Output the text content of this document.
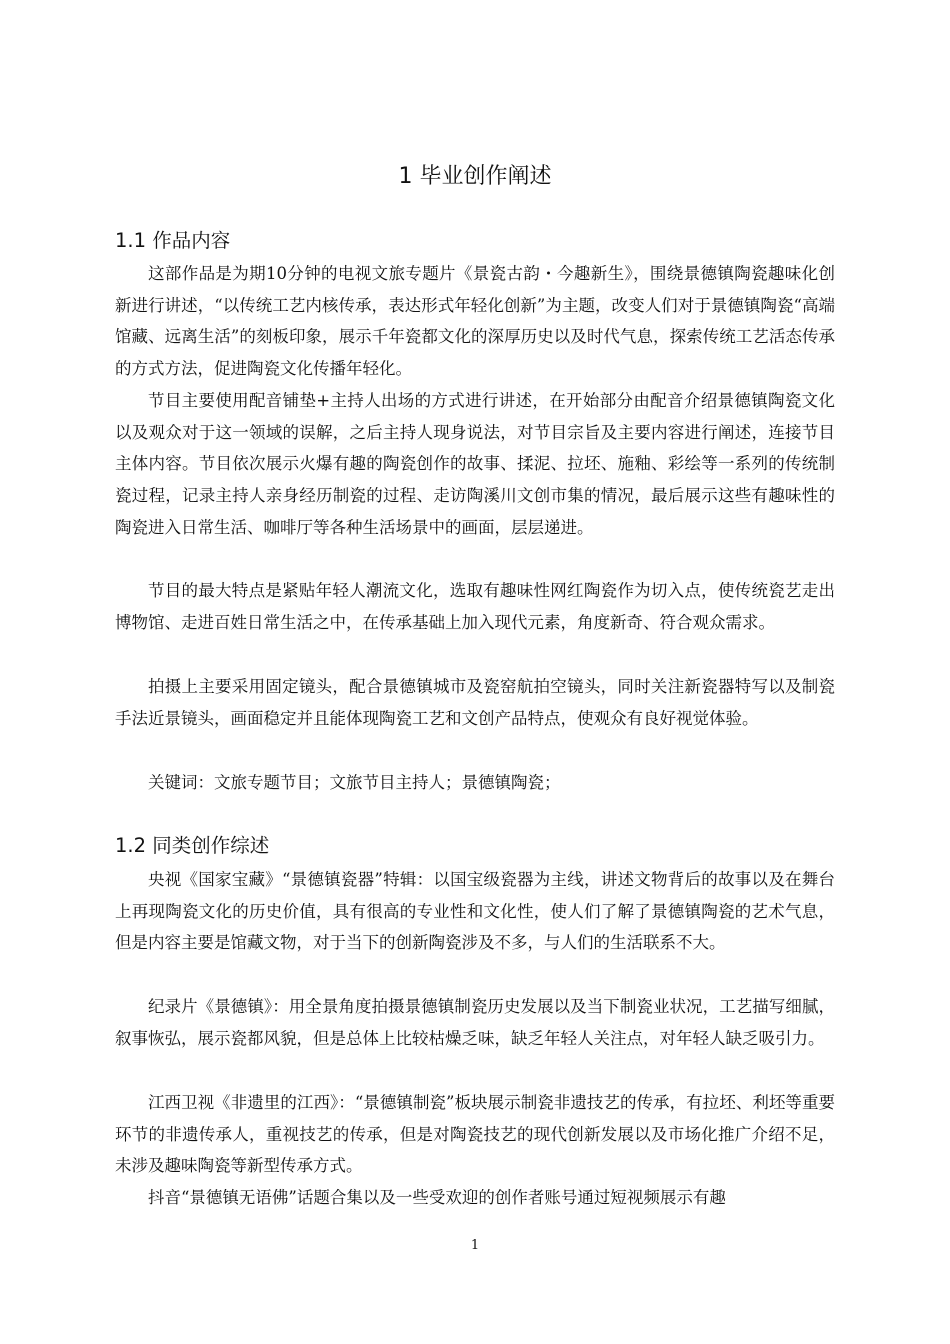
1 毕业创作阐述
1.1 作品内容

这部作品是为期10分钟的电视文旅专题片《景瓷古韵・今趣新生》，围绕景德镇陶瓷趣味化创新进行讲述，“以传统工艺内核传承，表达形式年轻化创新”为主题，改变人们对于景德镇陶瓷“高端馆藏、远离生活”的刻板印象，展示千年瓷都文化的深厚历史以及时代气息，探索传统工艺活态传承的方式方法，促进陶瓷文化传播年轻化。

节目主要使用配音铺垫+主持人出场的方式进行讲述，在开始部分由配音介绍景德镇陶瓷文化以及观众对于这一领域的误解，之后主持人现身说法，对节目宗旨及主要内容进行阐述，连接节目主体内容。节目依次展示火爆有趣的陶瓷创作的故事、揉泥、拉坯、施釉、彩绘等一系列的传统制瓷过程，记录主持人亲身经历制瓷的过程、走访陶溪川文创市集的情况，最后展示这些有趣味性的陶瓷进入日常生活、咖啡厅等各种生活场景中的画面，层层递进。

节目的最大特点是紧贴年轻人潮流文化，选取有趣味性网红陶瓷作为切入点，使传统瓷艺走出博物馆、走进百姓日常生活之中，在传承基础上加入现代元素，角度新奇、符合观众需求。

拍摄上主要采用固定镜头，配合景德镇城市及瓷窑航拍空镜头，同时关注新瓷器特写以及制瓷手法近景镜头，画面稳定并且能体现陶瓷工艺和文创产品特点，使观众有良好视觉体验。

关键词：文旅专题节目；文旅节目主持人；景德镇陶瓷；

1.2 同类创作综述

央视《国家宝藏》“景德镇瓷器”特辑：以国宝级瓷器为主线，讲述文物背后的故事以及在舞台上再现陶瓷文化的历史价值，具有很高的专业性和文化性，使人们了解了景德镇陶瓷的艺术气息，但是内容主要是馆藏文物，对于当下的创新陶瓷涉及不多，与人们的生活联系不大。

纪录片《景德镇》：用全景角度拍摄景德镇制瓷历史发展以及当下制瓷业状况，工艺描写细腻，叙事恢弘，展示瓷都风貌，但是总体上比较枯燥乏味，缺乏年轻人关注点，对年轻人缺乏吸引力。

江西卫视《非遗里的江西》：“景德镇制瓷”板块展示制瓷非遗技艺的传承，有拉坯、利坯等重要环节的非遗传承人，重视技艺的传承，但是对陶瓷技艺的现代创新发展以及市场化推广介绍不足，未涉及趣味陶瓷等新型传承方式。

抖音“景德镇无语佛”话题合集以及一些受欢迎的创作者账号通过短视频展示有趣

1
